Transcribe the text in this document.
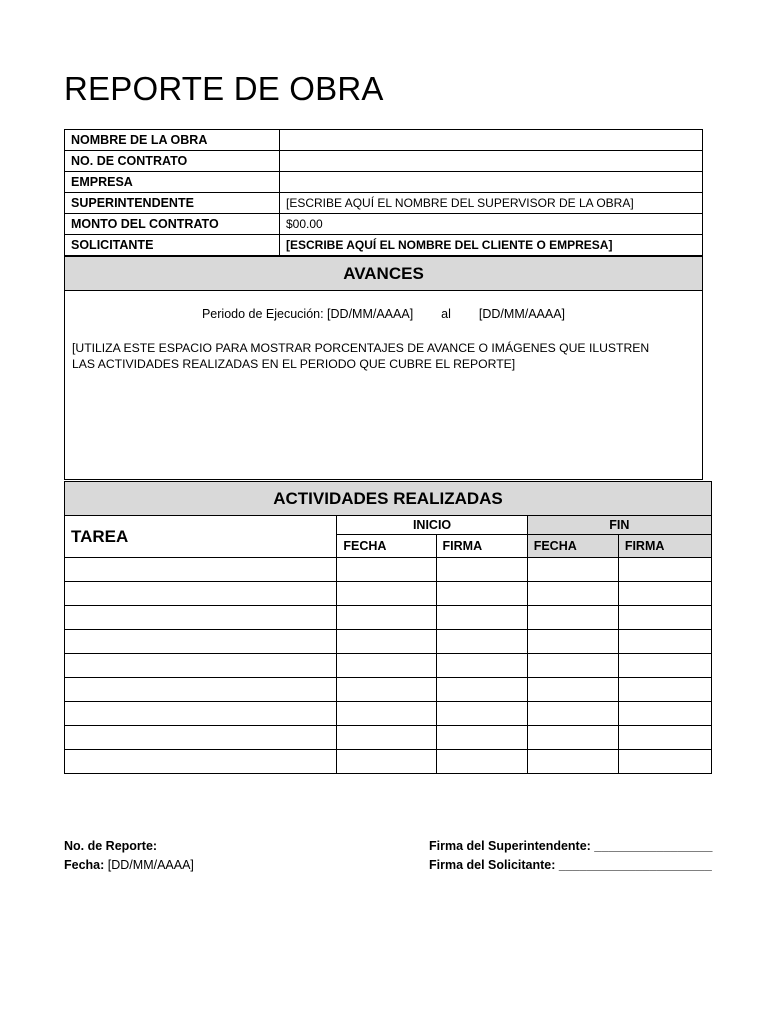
REPORTE DE OBRA
NOMBRE DE LA OBRA	
NO. DE CONTRATO	
EMPRESA	
SUPERINTENDENTE	[ESCRIBE AQUÍ EL NOMBRE DEL SUPERVISOR DE LA OBRA]
MONTO DEL CONTRATO	$00.00
SOLICITANTE	[ESCRIBE AQUÍ EL NOMBRE DEL CLIENTE O EMPRESA]
AVANCES
Periodo de Ejecución: [DD/MM/AAAA] al [DD/MM/AAAA]
[UTILIZA ESTE ESPACIO PARA MOSTRAR PORCENTAJES DE AVANCE O IMÁGENES QUE ILUSTREN LAS ACTIVIDADES REALIZADAS EN EL PERIODO QUE CUBRE EL REPORTE]
ACTIVIDADES REALIZADAS				
TAREA	INICIO		FIN	
	FECHA	FIRMA	FECHA	FIRMA

No. de Reporte:
Fecha: [DD/MM/AAAA]
Firma del Superintendente: _________________
Firma del Solicitante: ______________________
